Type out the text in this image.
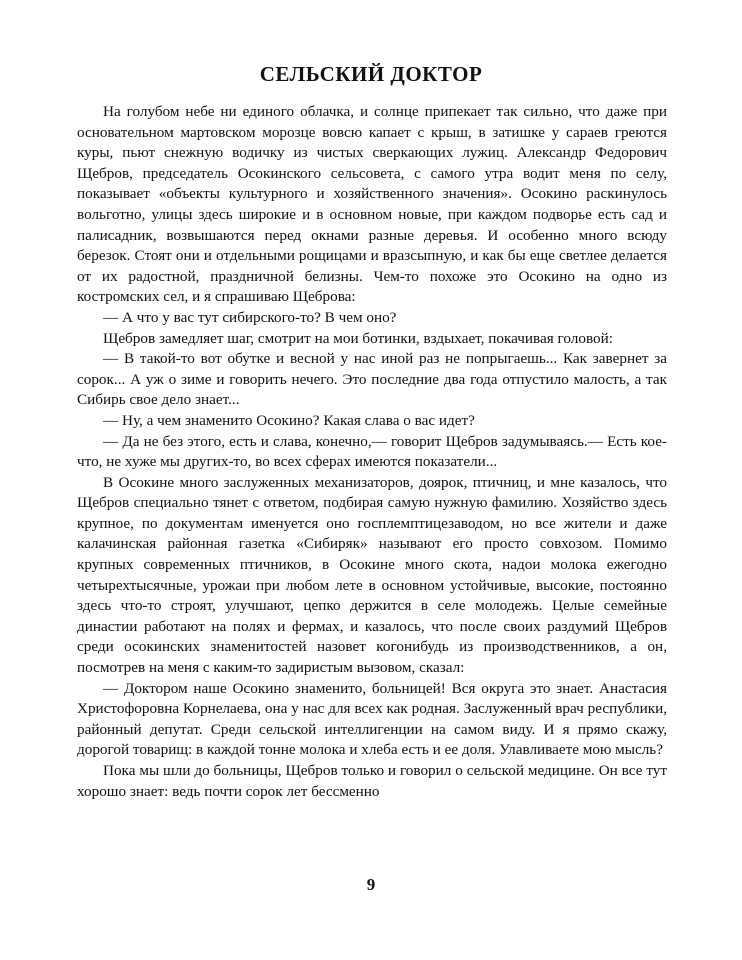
СЕЛЬСКИЙ ДОКТОР

На голубом небе ни единого облачка, и солнце припекает так сильно, что даже при основательном мартовском морозце вовсю капает с крыш, в затишке у сараев греются куры, пьют снежную водичку из чистых сверкающих лужиц. Александр Федорович Щебров, председатель Осокинского сельсовета, с самого утра водит меня по селу, показывает «объекты культурного и хозяйственного значения». Осокино раскинулось вольготно, улицы здесь широкие и в основном новые, при каждом подворье есть сад и палисадник, возвышаются перед окнами разные деревья. И особенно много всюду березок. Стоят они и отдельными рощицами и вразсыпную, и как бы еще светлее делается от их радостной, праздничной белизны. Чем-то похоже это Осокино на одно из костромских сел, и я спрашиваю Щеброва:

— А что у вас тут сибирского-то? В чем оно?

Щебров замедляет шаг, смотрит на мои ботинки, вздыхает, покачивая головой:

— В такой-то вот обутке и весной у нас иной раз не попрыгаешь... Как завернет за сорок... А уж о зиме и говорить нечего. Это последние два года отпустило малость, а так Сибирь свое дело знает...

— Ну, а чем знаменито Осокино? Какая слава о вас идет?

— Да не без этого, есть и слава, конечно,— говорит Щебров задумываясь.— Есть кое-что, не хуже мы других-то, во всех сферах имеются показатели...

В Осокине много заслуженных механизаторов, доярок, птичниц, и мне казалось, что Щебров специально тянет с ответом, подбирая самую нужную фамилию. Хозяйство здесь крупное, по документам именуется оно госплемптицезаводом, но все жители и даже калачинская районная газетка «Сибиряк» называют его просто совхозом. Помимо крупных современных птичников, в Осокине много скота, надои молока ежегодно четырехтысячные, урожаи при любом лете в основном устойчивые, высокие, постоянно здесь что-то строят, улучшают, цепко держится в селе молодежь. Целые семейные династии работают на полях и фермах, и казалось, что после своих раздумий Щебров среди осокинских знаменитостей назовет когонибудь из производственников, а он, посмотрев на меня с каким-то задиристым вызовом, сказал:

— Доктором наше Осокино знаменито, больницей! Вся округа это знает. Анастасия Христофоровна Корнелаева, она у нас для всех как родная. Заслуженный врач республики, районный депутат. Среди сельской интеллигенции на самом виду. И я прямо скажу, дорогой товарищ: в каждой тонне молока и хлеба есть и ее доля. Улавливаете мою мысль?

Пока мы шли до больницы, Щебров только и говорил о сельской медицине. Он все тут хорошо знает: ведь почти сорок лет бессменно

9
